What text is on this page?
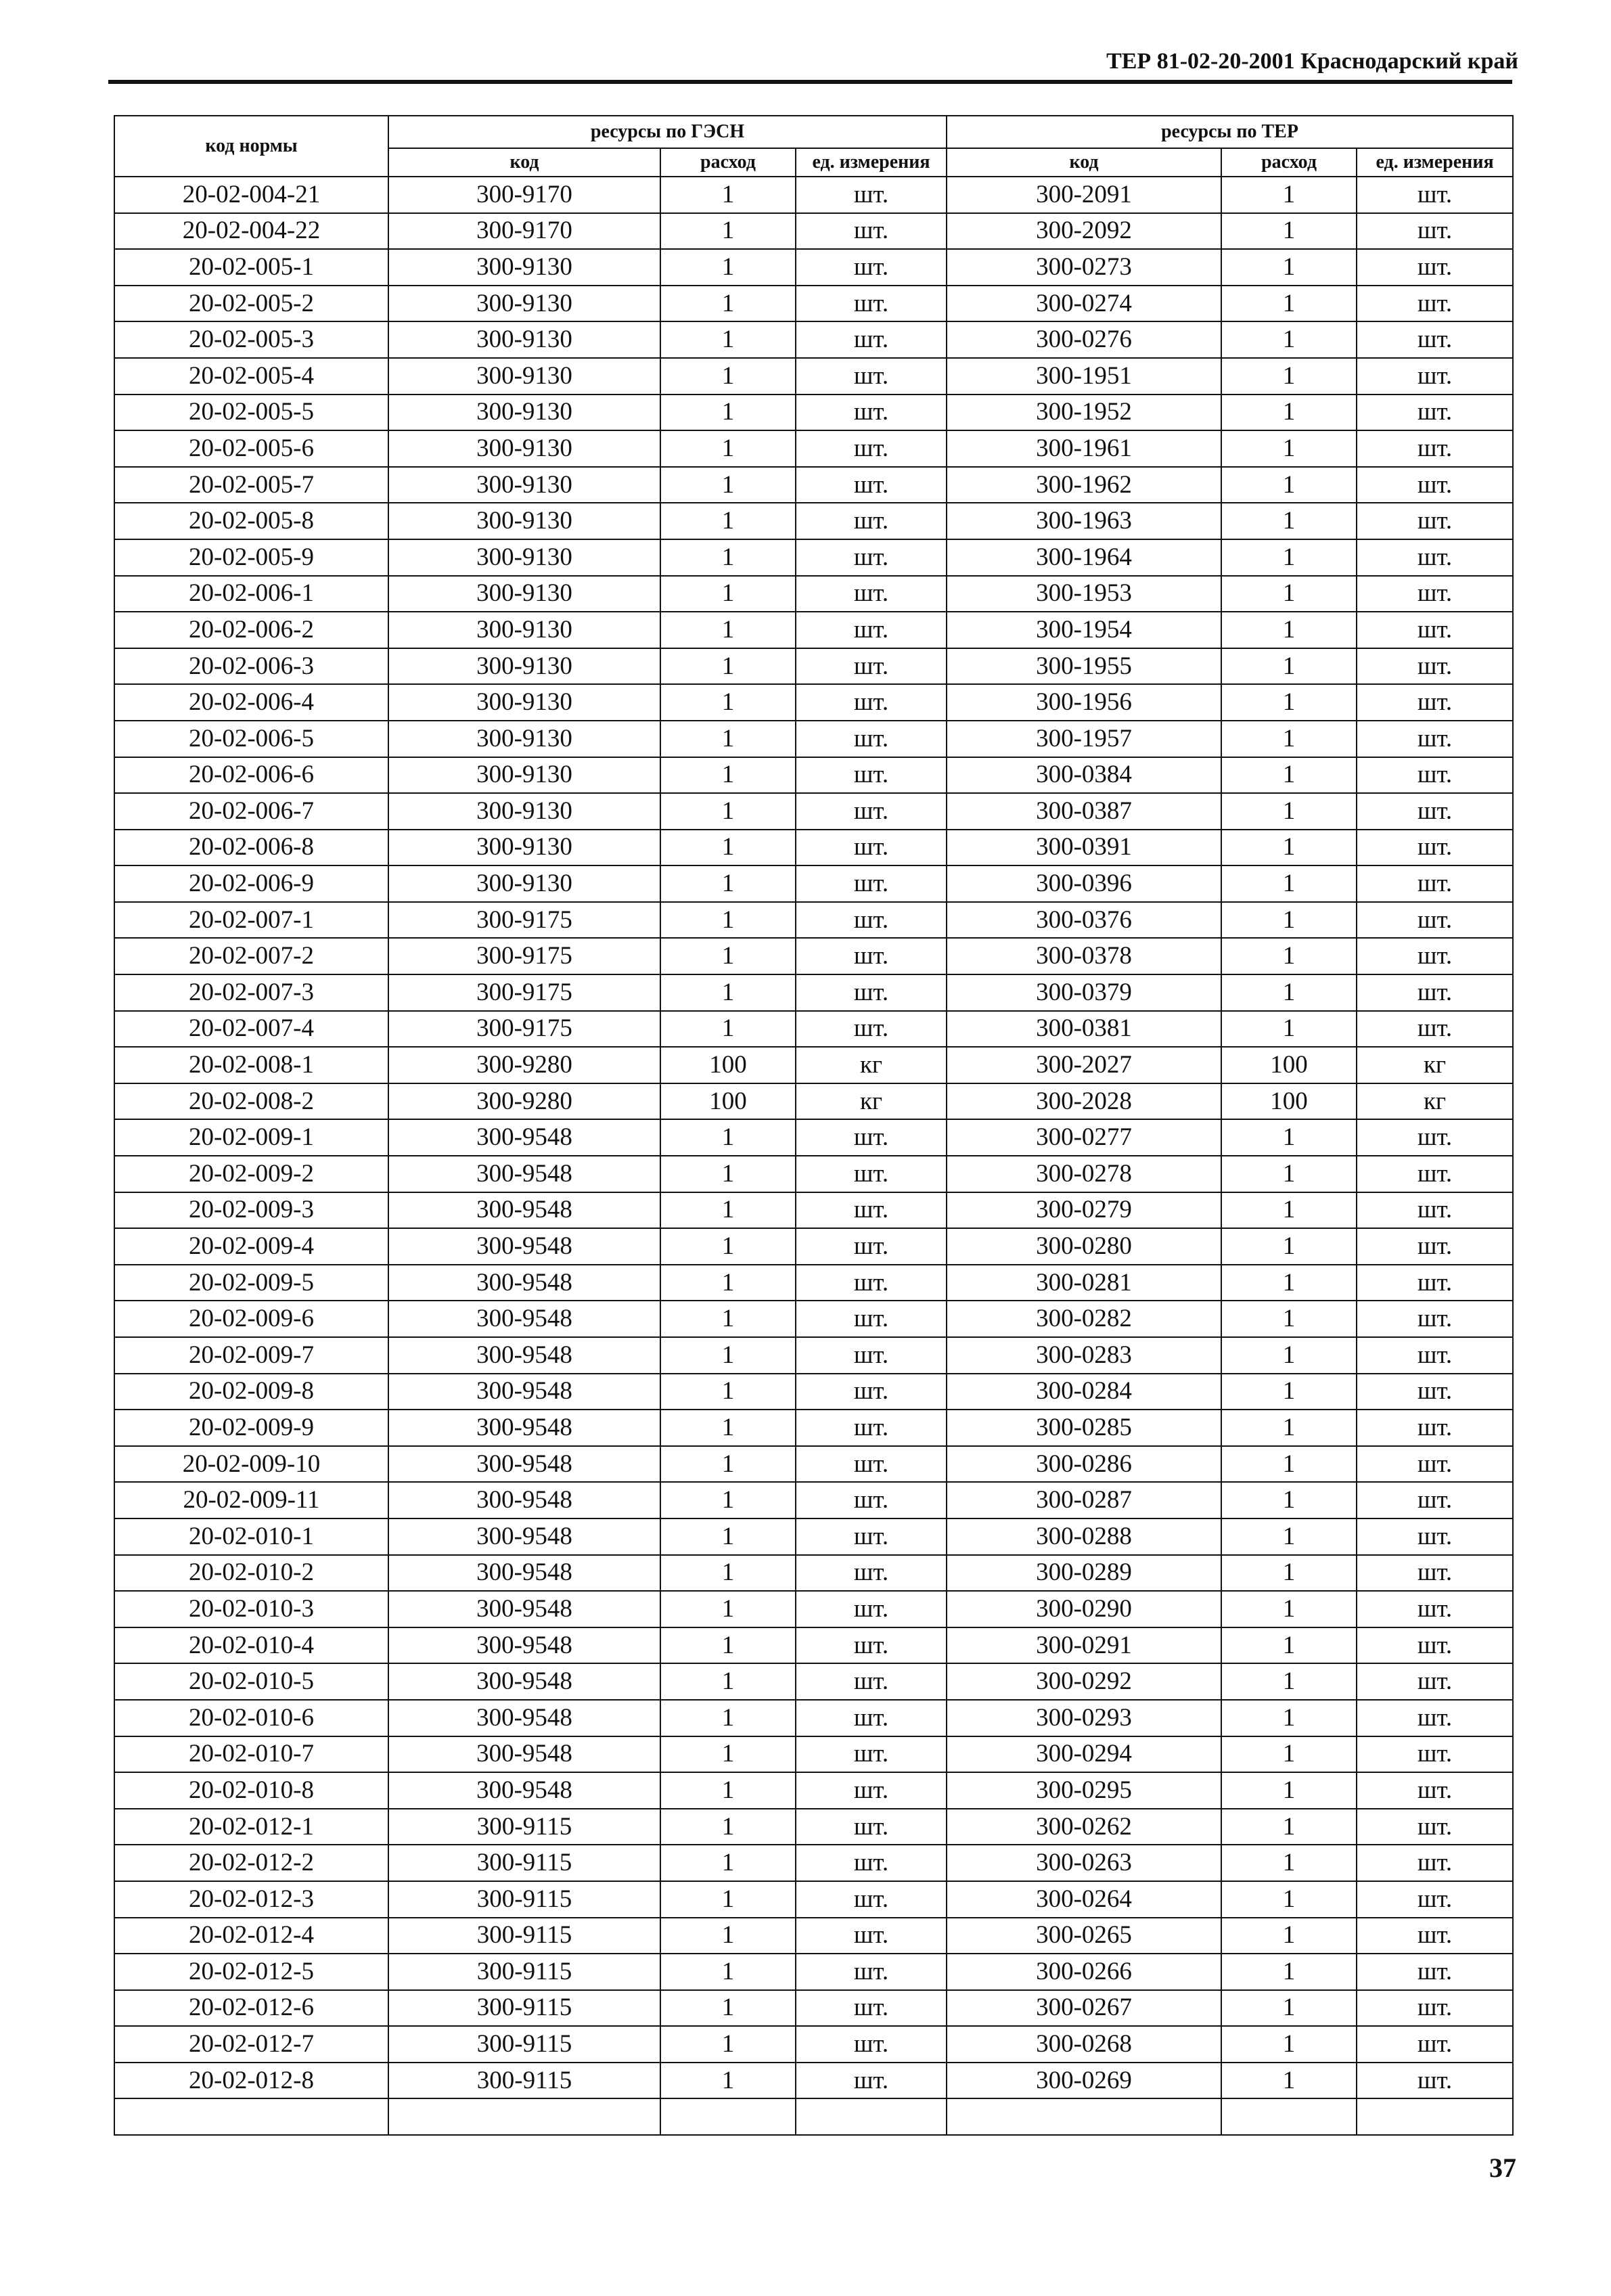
ТЕР 81-02-20-2001 Краснодарский край
код нормы	ресурсы по ГЭСН			ресурсы по ТЕР		
	код	расход	ед. измерения	код	расход	ед. измерения
20-02-004-21	300-9170	1	шт.	300-2091	1	шт.
20-02-004-22	300-9170	1	шт.	300-2092	1	шт.
20-02-005-1	300-9130	1	шт.	300-0273	1	шт.
20-02-005-2	300-9130	1	шт.	300-0274	1	шт.
20-02-005-3	300-9130	1	шт.	300-0276	1	шт.
20-02-005-4	300-9130	1	шт.	300-1951	1	шт.
20-02-005-5	300-9130	1	шт.	300-1952	1	шт.
20-02-005-6	300-9130	1	шт.	300-1961	1	шт.
20-02-005-7	300-9130	1	шт.	300-1962	1	шт.
20-02-005-8	300-9130	1	шт.	300-1963	1	шт.
20-02-005-9	300-9130	1	шт.	300-1964	1	шт.
20-02-006-1	300-9130	1	шт.	300-1953	1	шт.
20-02-006-2	300-9130	1	шт.	300-1954	1	шт.
20-02-006-3	300-9130	1	шт.	300-1955	1	шт.
20-02-006-4	300-9130	1	шт.	300-1956	1	шт.
20-02-006-5	300-9130	1	шт.	300-1957	1	шт.
20-02-006-6	300-9130	1	шт.	300-0384	1	шт.
20-02-006-7	300-9130	1	шт.	300-0387	1	шт.
20-02-006-8	300-9130	1	шт.	300-0391	1	шт.
20-02-006-9	300-9130	1	шт.	300-0396	1	шт.
20-02-007-1	300-9175	1	шт.	300-0376	1	шт.
20-02-007-2	300-9175	1	шт.	300-0378	1	шт.
20-02-007-3	300-9175	1	шт.	300-0379	1	шт.
20-02-007-4	300-9175	1	шт.	300-0381	1	шт.
20-02-008-1	300-9280	100	кг	300-2027	100	кг
20-02-008-2	300-9280	100	кг	300-2028	100	кг
20-02-009-1	300-9548	1	шт.	300-0277	1	шт.
20-02-009-2	300-9548	1	шт.	300-0278	1	шт.
20-02-009-3	300-9548	1	шт.	300-0279	1	шт.
20-02-009-4	300-9548	1	шт.	300-0280	1	шт.
20-02-009-5	300-9548	1	шт.	300-0281	1	шт.
20-02-009-6	300-9548	1	шт.	300-0282	1	шт.
20-02-009-7	300-9548	1	шт.	300-0283	1	шт.
20-02-009-8	300-9548	1	шт.	300-0284	1	шт.
20-02-009-9	300-9548	1	шт.	300-0285	1	шт.
20-02-009-10	300-9548	1	шт.	300-0286	1	шт.
20-02-009-11	300-9548	1	шт.	300-0287	1	шт.
20-02-010-1	300-9548	1	шт.	300-0288	1	шт.
20-02-010-2	300-9548	1	шт.	300-0289	1	шт.
20-02-010-3	300-9548	1	шт.	300-0290	1	шт.
20-02-010-4	300-9548	1	шт.	300-0291	1	шт.
20-02-010-5	300-9548	1	шт.	300-0292	1	шт.
20-02-010-6	300-9548	1	шт.	300-0293	1	шт.
20-02-010-7	300-9548	1	шт.	300-0294	1	шт.
20-02-010-8	300-9548	1	шт.	300-0295	1	шт.
20-02-012-1	300-9115	1	шт.	300-0262	1	шт.
20-02-012-2	300-9115	1	шт.	300-0263	1	шт.
20-02-012-3	300-9115	1	шт.	300-0264	1	шт.
20-02-012-4	300-9115	1	шт.	300-0265	1	шт.
20-02-012-5	300-9115	1	шт.	300-0266	1	шт.
20-02-012-6	300-9115	1	шт.	300-0267	1	шт.
20-02-012-7	300-9115	1	шт.	300-0268	1	шт.
20-02-012-8	300-9115	1	шт.	300-0269	1	шт.

37
